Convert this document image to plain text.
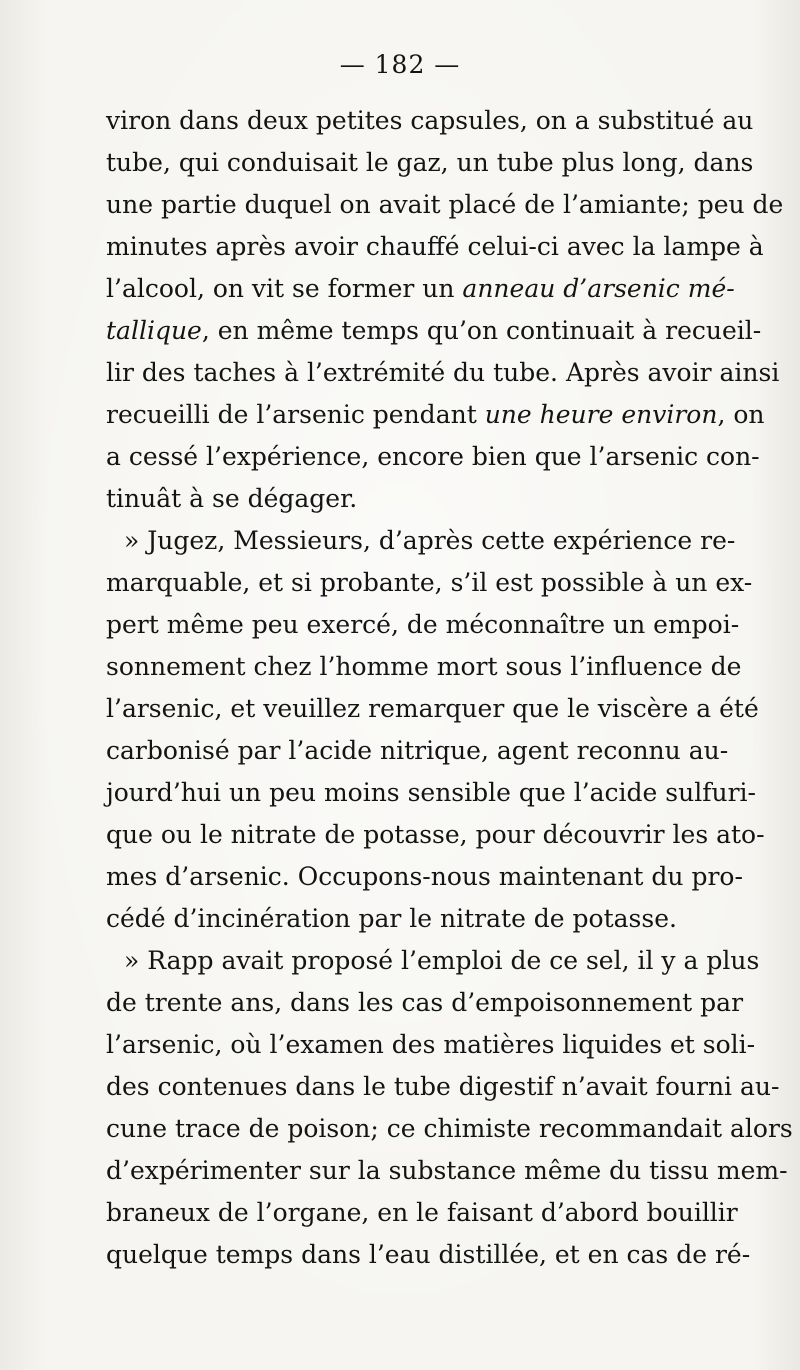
— 182 —
viron dans deux petites capsules, on a substitué au
tube, qui conduisait le gaz, un tube plus long, dans
une partie duquel on avait placé de l’amiante; peu de
minutes après avoir chauffé celui-ci avec la lampe à
l’alcool, on vit se former un anneau d’arsenic mé-
tallique, en même temps qu’on continuait à recueil-
lir des taches à l’extrémité du tube. Après avoir ainsi
recueilli de l’arsenic pendant une heure environ, on
a cessé l’expérience, encore bien que l’arsenic con-
tinuât à se dégager.
» Jugez, Messieurs, d’après cette expérience re-
marquable, et si probante, s’il est possible à un ex-
pert même peu exercé, de méconnaître un empoi-
sonnement chez l’homme mort sous l’influence de
l’arsenic, et veuillez remarquer que le viscère a été
carbonisé par l’acide nitrique, agent reconnu au-
jourd’hui un peu moins sensible que l’acide sulfuri-
que ou le nitrate de potasse, pour découvrir les ato-
mes d’arsenic. Occupons-nous maintenant du pro-
cédé d’incinération par le nitrate de potasse.
» Rapp avait proposé l’emploi de ce sel, il y a plus
de trente ans, dans les cas d’empoisonnement par
l’arsenic, où l’examen des matières liquides et soli-
des contenues dans le tube digestif n’avait fourni au-
cune trace de poison; ce chimiste recommandait alors
d’expérimenter sur la substance même du tissu mem-
braneux de l’organe, en le faisant d’abord bouillir
quelque temps dans l’eau distillée, et en cas de ré-
